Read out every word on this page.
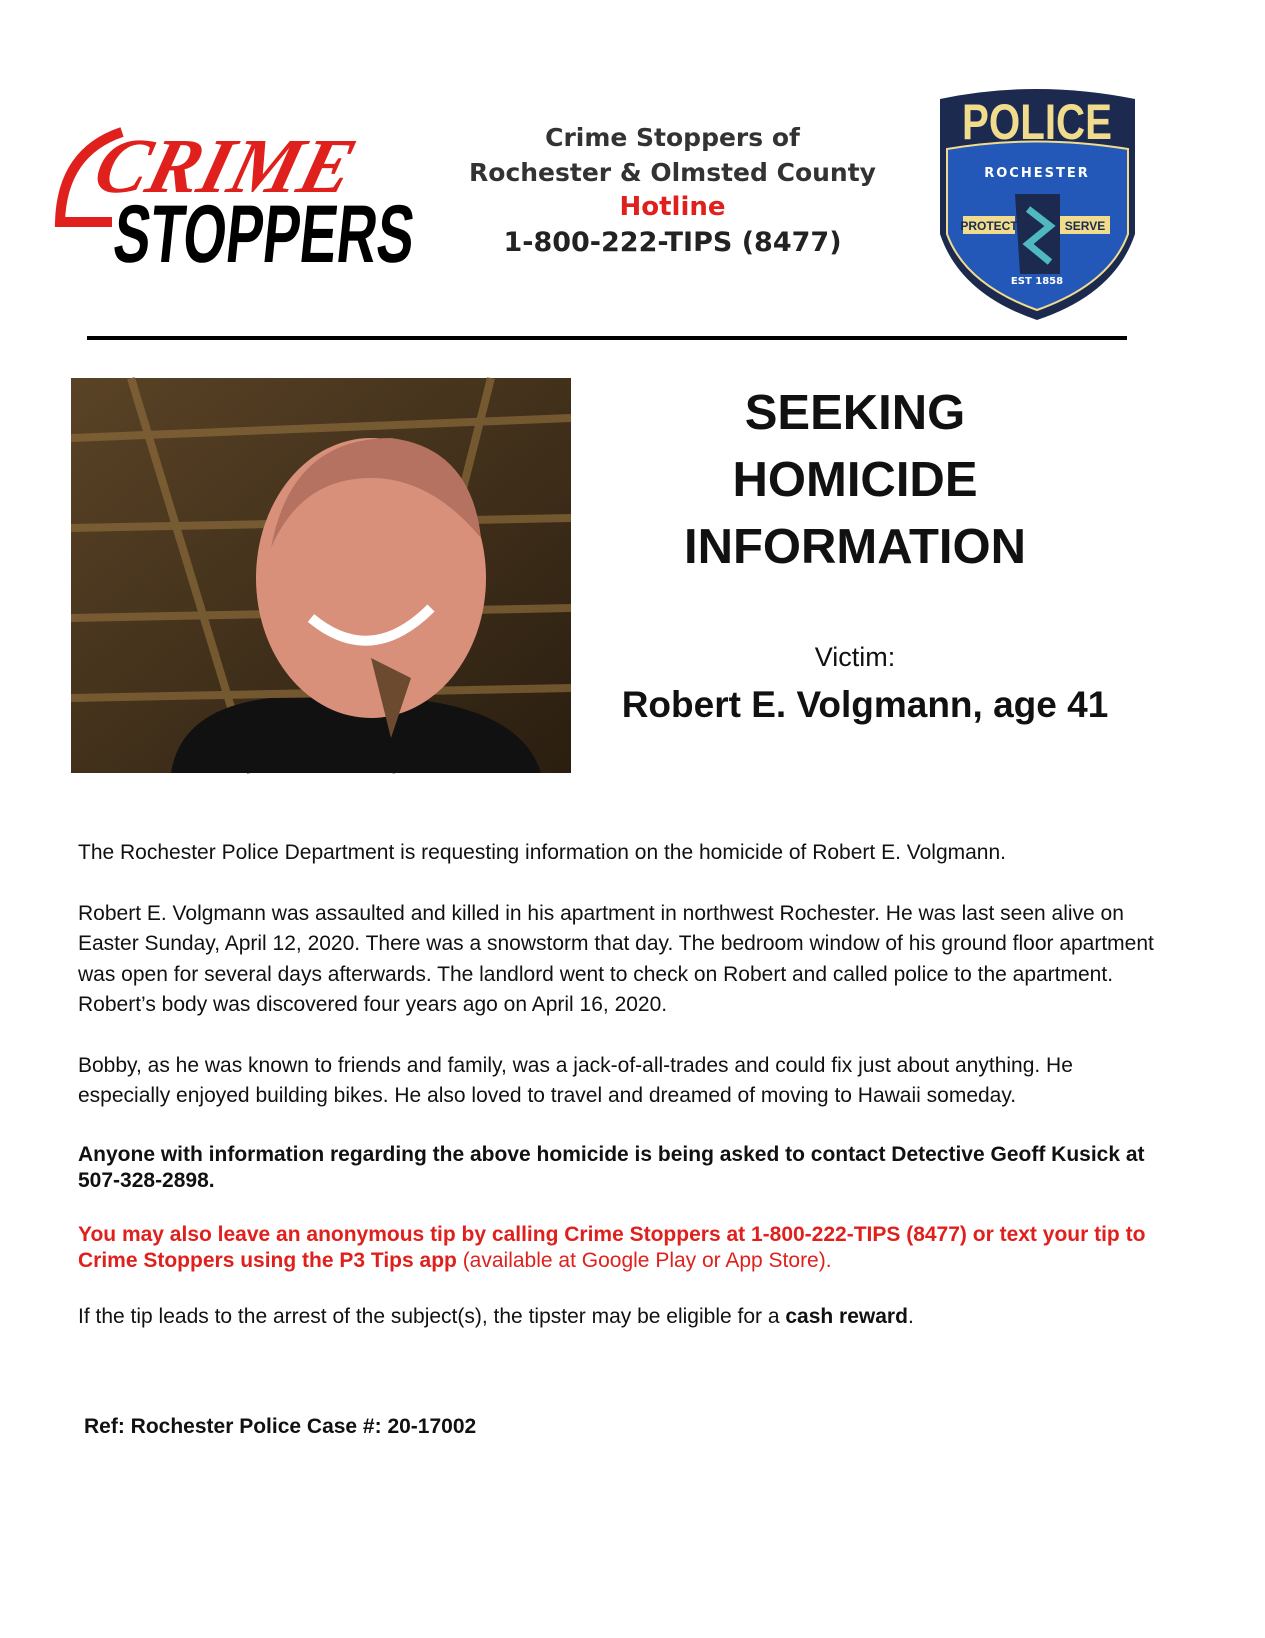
CRIME
STOPPERS
Crime Stoppers of
Rochester & Olmsted County
Hotline
1-800-222-TIPS (8477)
POLICE
ROCHESTER
PROTECT	SERVE
EST 1858
SEEKING
HOMICIDE
INFORMATION
Victim:
Robert E. Volgmann, age 41

The Rochester Police Department is requesting information on the homicide of Robert E. Volgmann.

Robert E. Volgmann was assaulted and killed in his apartment in northwest Rochester. He was last seen alive on Easter Sunday, April 12, 2020. There was a snowstorm that day. The bedroom window of his ground floor apartment was open for several days afterwards. The landlord went to check on Robert and called police to the apartment. Robert’s body was discovered four years ago on April 16, 2020.

Bobby, as he was known to friends and family, was a jack-of-all-trades and could fix just about anything. He especially enjoyed building bikes. He also loved to travel and dreamed of moving to Hawaii someday.

Anyone with information regarding the above homicide is being asked to contact Detective Geoff Kusick at 507-328-2898.

You may also leave an anonymous tip by calling Crime Stoppers at 1-800-222-TIPS (8477) or text your tip to Crime Stoppers using the P3 Tips app (available at Google Play or App Store).

If the tip leads to the arrest of the subject(s), the tipster may be eligible for a cash reward.

Ref: Rochester Police Case #: 20-17002
